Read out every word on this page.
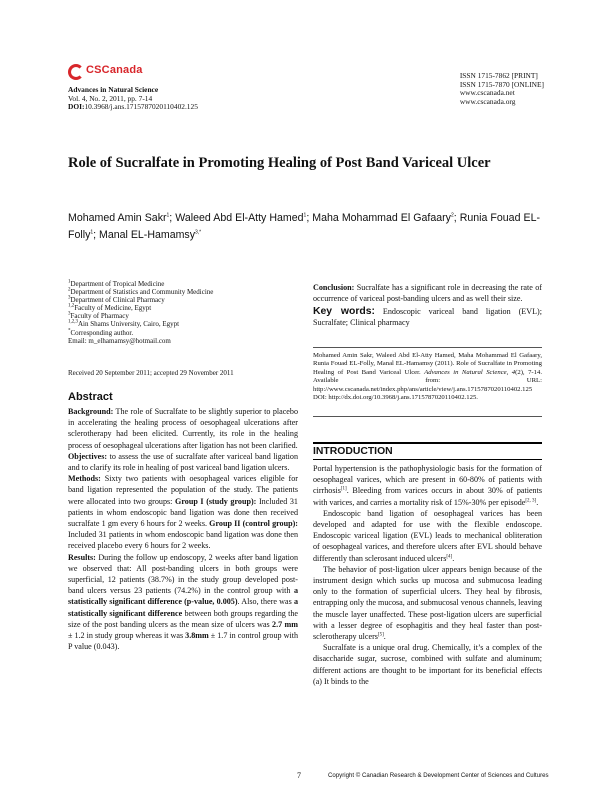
CSCanada
Advances in Natural Science
Vol. 4, No. 2, 2011, pp. 7-14
DOI:10.3968/j.ans.1715787020110402.125
ISSN 1715-7862 [PRINT]
ISSN 1715-7870 [ONLINE]
www.cscanada.net
www.cscanada.org
Role of Sucralfate in Promoting Healing of Post Band Variceal Ulcer
Mohamed Amin Sakr$^1$; Waleed Abd El-Atty Hamed$^1$; Maha Mohammad El Gafaary$^2$; Runia Fouad EL-Folly$^1$; Manal EL-Hamamsy$^{3,*}$
$^1$Department of Tropical Medicine
$^2$Department of Statistics and Community Medicine
$^3$Department of Clinical Pharmacy
$^{1,2}$Faculty of Medicine, Egypt
$^3$Faculty of Pharmacy
$^{1,2,3}$Ain Shams University, Cairo, Egypt
*Corresponding author.
Email: m_elhamamsy@hotmail.com
Received 20 September 2011; accepted 29 November 2011
Abstract

Background: The role of Sucralfate to be slightly superior to placebo in accelerating the healing process of oesophageal ulcerations after sclerotherapy had been elicited. Currently, its role in the healing process of oesophageal ulcerations after ligation has not been clarified.

Objectives: to assess the use of sucralfate after variceal band ligation and to clarify its role in healing of post variceal band ligation ulcers.

Methods: Sixty two patients with oesophageal varices eligible for band ligation represented the population of the study. The patients were allocated into two groups: Group I (study group): Included 31 patients in whom endoscopic band ligation was done then received sucralfate 1 gm every 6 hours for 2 weeks. Group II (control group): Included 31 patients in whom endoscopic band ligation was done then received placebo every 6 hours for 2 weeks.

Results: During the follow up endoscopy, 2 weeks after band ligation we observed that: All post-banding ulcers in both groups were superficial, 12 patients (38.7%) in the study group developed post-band ulcers versus 23 patients (74.2%) in the control group with a statistically significant difference (p-value, 0.005). Also, there was a statistically significant difference between both groups regarding the size of the post banding ulcers as the mean size of ulcers was 2.7 mm ± 1.2 in study group whereas it was 3.8mm ± 1.7 in control group with P value (0.043).

Conclusion: Sucralfate has a significant role in decreasing the rate of occurrence of variceal post-banding ulcers and as well their size.

Key words: Endoscopic variceal band ligation (EVL); Sucralfate; Clinical pharmacy

Mohamed Amin Sakr, Waleed Abd El-Atty Hamed, Maha Mohammad El Gafaary, Runia Fouad EL-Folly, Manal EL-Hamamsy (2011). Role of Sucralfate in Promoting Healing of Post Band Variceal Ulcer. Advances in Natural Science, 4(2), 7-14. Available from: URL: http://www.cscanada.net/index.php/ans/article/view/j.ans.1715787020110402.125

DOI: http://dx.doi.org/10.3968/j.ans.1715787020110402.125.

INTRODUCTION

Portal hypertension is the pathophysiologic basis for the formation of oesophageal varices, which are present in 60-80% of patients with cirrhosis[1]. Bleeding from varices occurs in about 30% of patients with varices, and carries a mortality risk of 15%-30% per episode[2, 3].

Endoscopic band ligation of oesophageal varices has been developed and adapted for use with the flexible endoscope. Endoscopic variceal ligation (EVL) leads to mechanical obliteration of oesophageal varices, and therefore ulcers after EVL should behave differently than sclerosant induced ulcers[4].

The behavior of post-ligation ulcer appears benign because of the instrument design which sucks up mucosa and submucosa leading only to the formation of superficial ulcers. They heal by fibrosis, entrapping only the mucosa, and submucosal venous channels, leaving the muscle layer unaffected. These post-ligation ulcers are superficial with a lesser degree of esophagitis and they heal faster than post-sclerotherapy ulcers[5].

Sucralfate is a unique oral drug. Chemically, it’s a complex of the disaccharide sugar, sucrose, combined with sulfate and aluminum; different actions are thought to be important for its beneficial effects (a) It binds to the

7	Copyright © Canadian Research & Development Center of Sciences and Cultures
